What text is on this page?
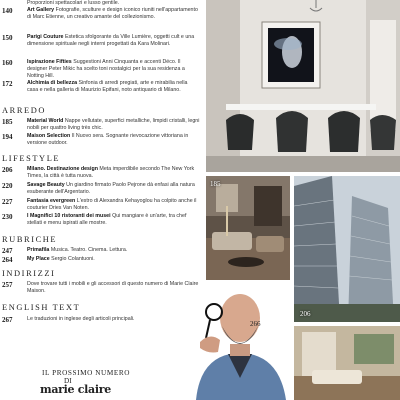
Proporzioni spettacolari e lusso gentile.
140	Art Gallery Fotografie, sculture e design iconico riuniti nell'appartamento di Marc Etienne, un creativo amante del collezionismo.
150	Parigi Couture Estetica sfolgorante da Ville Lumière, oggetti cult e una dimensione spirituale negli interni progettati da Kara Molinari.
160	Ispirazione Fifties Suggestioni Anni Cinquanta e accenti Déco. Il designer Peter Mikic ha scelto toni nostalgici per la sua residenza a Notting Hill.
172	Alchimia di bellezza Sinfonia di arredi pregiati, arte e mirabilia nella casa e nella galleria di Maurizio Epifani, noto antiquario di Milano.
ARREDO
185	Material World Nappe vellutate, superfici metalliche, limpidi cristalli, legni nobili per quattro living très chic.
194	Maison Selection Il Nuovo sera. Sognante rievocazione vittoriana in versione outdoor.
LIFESTYLE
206	Milano. Destinazione design Meta imperdibile secondo The New York Times, la città è tutta nuova.
220	Savage Beauty Un giardino firmato Paolo Pejrone dà enfasi alla natura esuberante dell'Argentario.
227	Fantasia evergreen L'estro di Alexandra Kehayoglou ha colpito anche il couturier Dries Van Noten.
230	I Magnifici 10 ristoranti dei musei Qui mangiare è un'arte, tra chef stellati e menu ispirati alle mostre.
RUBRICHE
247	Primafila Musica. Teatro. Cinema. Lettura.
264	My Place Sergio Colantuoni.
INDIRIZZI
257	Dove trovare tutti i mobili e gli accessori di questo numero di Marie Claire Maison.
ENGLISH TEXT
267	Le traduzioni in inglese degli articoli principali.
IL PROSSIMO NUMERO
DI
marie claire
185
206
266
